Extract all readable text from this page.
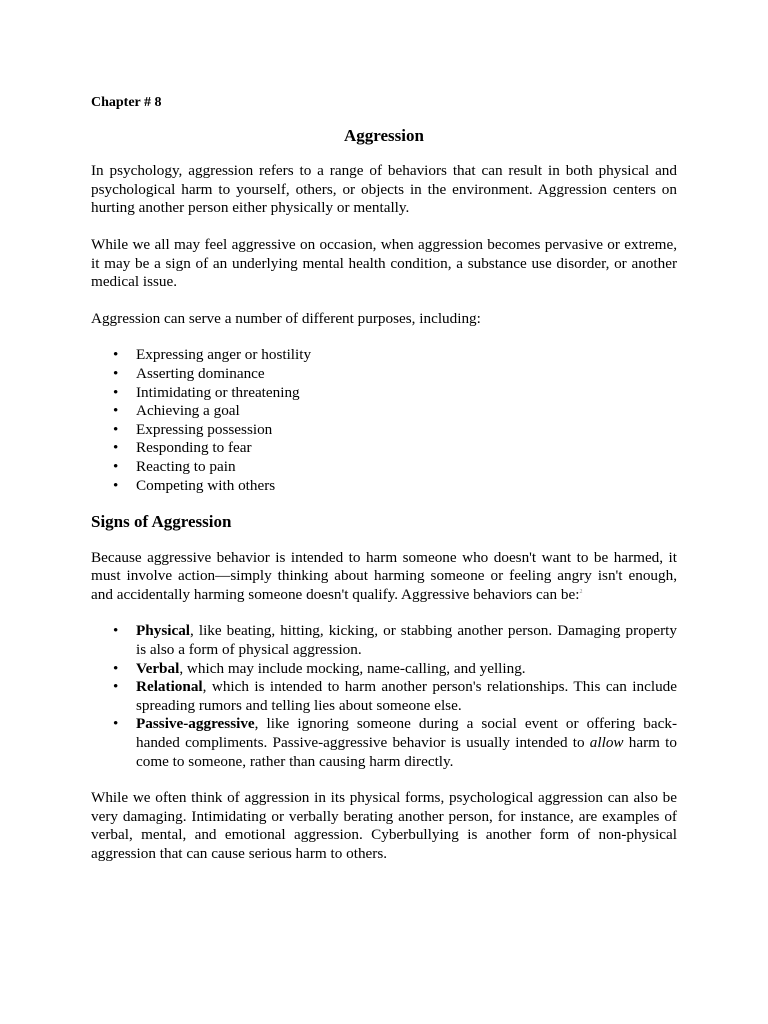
Chapter # 8
Aggression

In psychology, aggression refers to a range of behaviors that can result in both physical and psychological harm to yourself, others, or objects in the environment. Aggression centers on hurting another person either physically or mentally.

While we all may feel aggressive on occasion, when aggression becomes pervasive or extreme, it may be a sign of an underlying mental health condition, a substance use disorder, or another medical issue.

Aggression can serve a number of different purposes, including:

• Expressing anger or hostility
• Asserting dominance
• Intimidating or threatening
• Achieving a goal
• Expressing possession
• Responding to fear
• Reacting to pain
• Competing with others
Signs of Aggression

Because aggressive behavior is intended to harm someone who doesn't want to be harmed, it must involve action—simply thinking about harming someone or feeling angry isn't enough, and accidentally harming someone doesn't qualify. Aggressive behaviors can be:$^2$

• Physical, like beating, hitting, kicking, or stabbing another person. Damaging property is also a form of physical aggression.
• Verbal, which may include mocking, name-calling, and yelling.
• Relational, which is intended to harm another person's relationships. This can include spreading rumors and telling lies about someone else.
• Passive-aggressive, like ignoring someone during a social event or offering back-handed compliments. Passive-aggressive behavior is usually intended to allow harm to come to someone, rather than causing harm directly.

While we often think of aggression in its physical forms, psychological aggression can also be very damaging. Intimidating or verbally berating another person, for instance, are examples of verbal, mental, and emotional aggression. Cyberbullying is another form of non-physical aggression that can cause serious harm to others.
